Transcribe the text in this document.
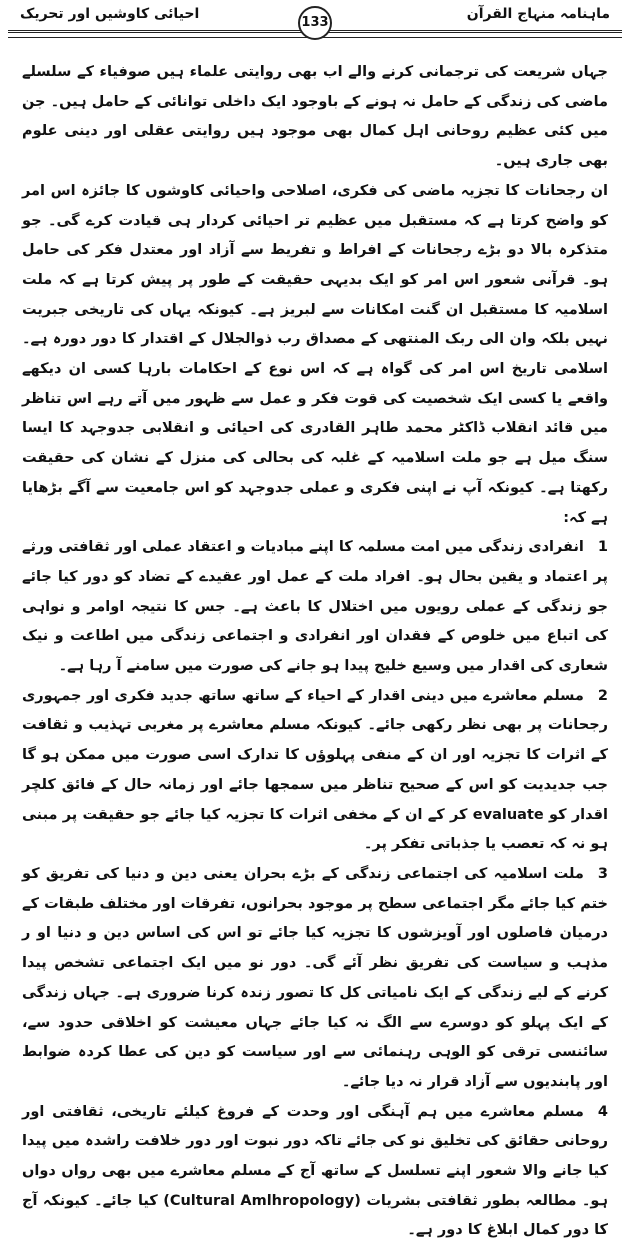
احیائی کاوشیں اور تحریک
133
ماہنامہ منہاج القرآن

جہاں شریعت کی ترجمانی کرنے والے اب بھی روایتی علماء ہیں صوفیاء کے سلسلے ماضی کی زندگی کے حامل نہ ہونے کے باوجود ایک داخلی توانائی کے حامل ہیں۔ جن میں کئی عظیم روحانی اہل کمال بھی موجود ہیں روایتی عقلی اور دینی علوم بھی جاری ہیں۔

ان رجحانات کا تجزیہ ماضی کی فکری، اصلاحی واحیائی کاوشوں کا جائزہ اس امر کو واضح کرتا ہے کہ مستقبل میں عظیم تر احیائی کردار ہی قیادت کرے گی۔ جو متذکرہ بالا دو بڑے رجحانات کے افراط و تفریط سے آزاد اور معتدل فکر کی حامل ہو۔ قرآنی شعور اس امر کو ایک بدیہی حقیقت کے طور پر پیش کرتا ہے کہ ملت اسلامیہ کا مستقبل ان گنت امکانات سے لبریز ہے۔ کیونکہ یہاں کی تاریخی جبریت نہیں بلکہ وان الی ربک المنتھی کے مصداق رب ذوالجلال کے اقتدار کا دور دورہ ہے۔ اسلامی تاریخ اس امر کی گواہ ہے کہ اس نوع کے احکامات بارہا کسی ان دیکھے واقعے یا کسی ایک شخصیت کی قوت فکر و عمل سے ظہور میں آتے رہے اس تناظر میں قائد انقلاب ڈاکٹر محمد طاہر القادری کی احیائی و انقلابی جدوجہد کا ایسا سنگ میل ہے جو ملت اسلامیہ کے غلبہ کی بحالی کی منزل کے نشان کی حقیقت رکھتا ہے۔ کیونکہ آپ نے اپنی فکری و عملی جدوجہد کو اس جامعیت سے آگے بڑھایا ہے کہ:

1انفرادی زندگی میں امت مسلمہ کا اپنے مبادیات و اعتقاد عملی اور ثقافتی ورثے پر اعتماد و یقین بحال ہو۔ افراد ملت کے عمل اور عقیدے کے تضاد کو دور کیا جائے جو زندگی کے عملی رویوں میں اختلال کا باعث ہے۔ جس کا نتیجہ اوامر و نواہی کی اتباع میں خلوص کے فقدان اور انفرادی و اجتماعی زندگی میں اطاعت و نیک شعاری کی اقدار میں وسیع خلیج پیدا ہو جانے کی صورت میں سامنے آ رہا ہے۔

2مسلم معاشرے میں دینی اقدار کے احیاء کے ساتھ ساتھ جدید فکری اور جمہوری رجحانات پر بھی نظر رکھی جائے۔ کیونکہ مسلم معاشرے پر مغربی تہذیب و ثقافت کے اثرات کا تجزیہ اور ان کے منفی پہلوؤں کا تدارک اسی صورت میں ممکن ہو گا جب جدیدیت کو اس کے صحیح تناظر میں سمجھا جائے اور زمانہ حال کے فائق کلچر اقدار کو evaluate کر کے ان کے مخفی اثرات کا تجزیہ کیا جائے جو حقیقت پر مبنی ہو نہ کہ تعصب یا جذباتی تفکر پر۔

3ملت اسلامیہ کی اجتماعی زندگی کے بڑے بحران یعنی دین و دنیا کی تفریق کو ختم کیا جائے مگر اجتماعی سطح پر موجود بحرانوں، تفرقات اور مختلف طبقات کے درمیان فاصلوں اور آویزشوں کا تجزیہ کیا جائے تو اس کی اساس دین و دنیا او ر مذہب و سیاست کی تفریق نظر آئے گی۔ دور نو میں ایک اجتماعی تشخص پیدا کرنے کے لیے زندگی کے ایک نامیاتی کل کا تصور زندہ کرنا ضروری ہے۔ جہاں زندگی کے ایک پہلو کو دوسرے سے الگ نہ کیا جائے جہاں معیشت کو اخلاقی حدود سے، سائنسی ترقی کو الوہی رہنمائی سے اور سیاست کو دین کی عطا کردہ ضوابط اور پابندیوں سے آزاد قرار نہ دیا جائے۔

4مسلم معاشرے میں ہم آہنگی اور وحدت کے فروغ کیلئے تاریخی، ثقافتی اور روحانی حقائق کی تخلیق نو کی جائے تاکہ دور نبوت اور دور خلافت راشدہ میں پیدا کیا جانے والا شعور اپنے تسلسل کے ساتھ آج کے مسلم معاشرے میں بھی رواں دواں ہو۔ مطالعہ بطور ثقافتی بشریات (Cultural Amlhropology) کیا جائے۔ کیونکہ آج کا دور کمال ابلاغ کا دور ہے۔
